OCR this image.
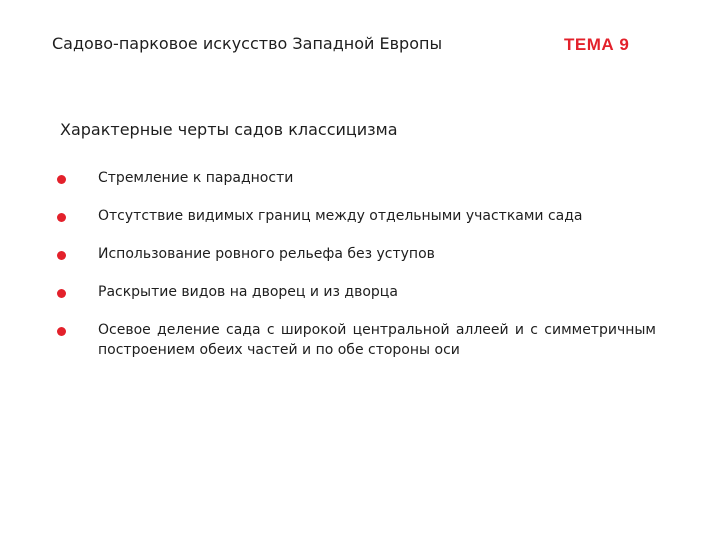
Садово-парковое искусство Западной Европы	ТЕМА 9
Характерные черты садов классицизма
Стремление к парадности
Отсутствие видимых границ между отдельными участками сада
Использование ровного рельефа без уступов
Раскрытие видов на дворец и из дворца
Осевое деление сада с широкой центральной аллеей и с симметричным построением обеих частей и по обе стороны оси
